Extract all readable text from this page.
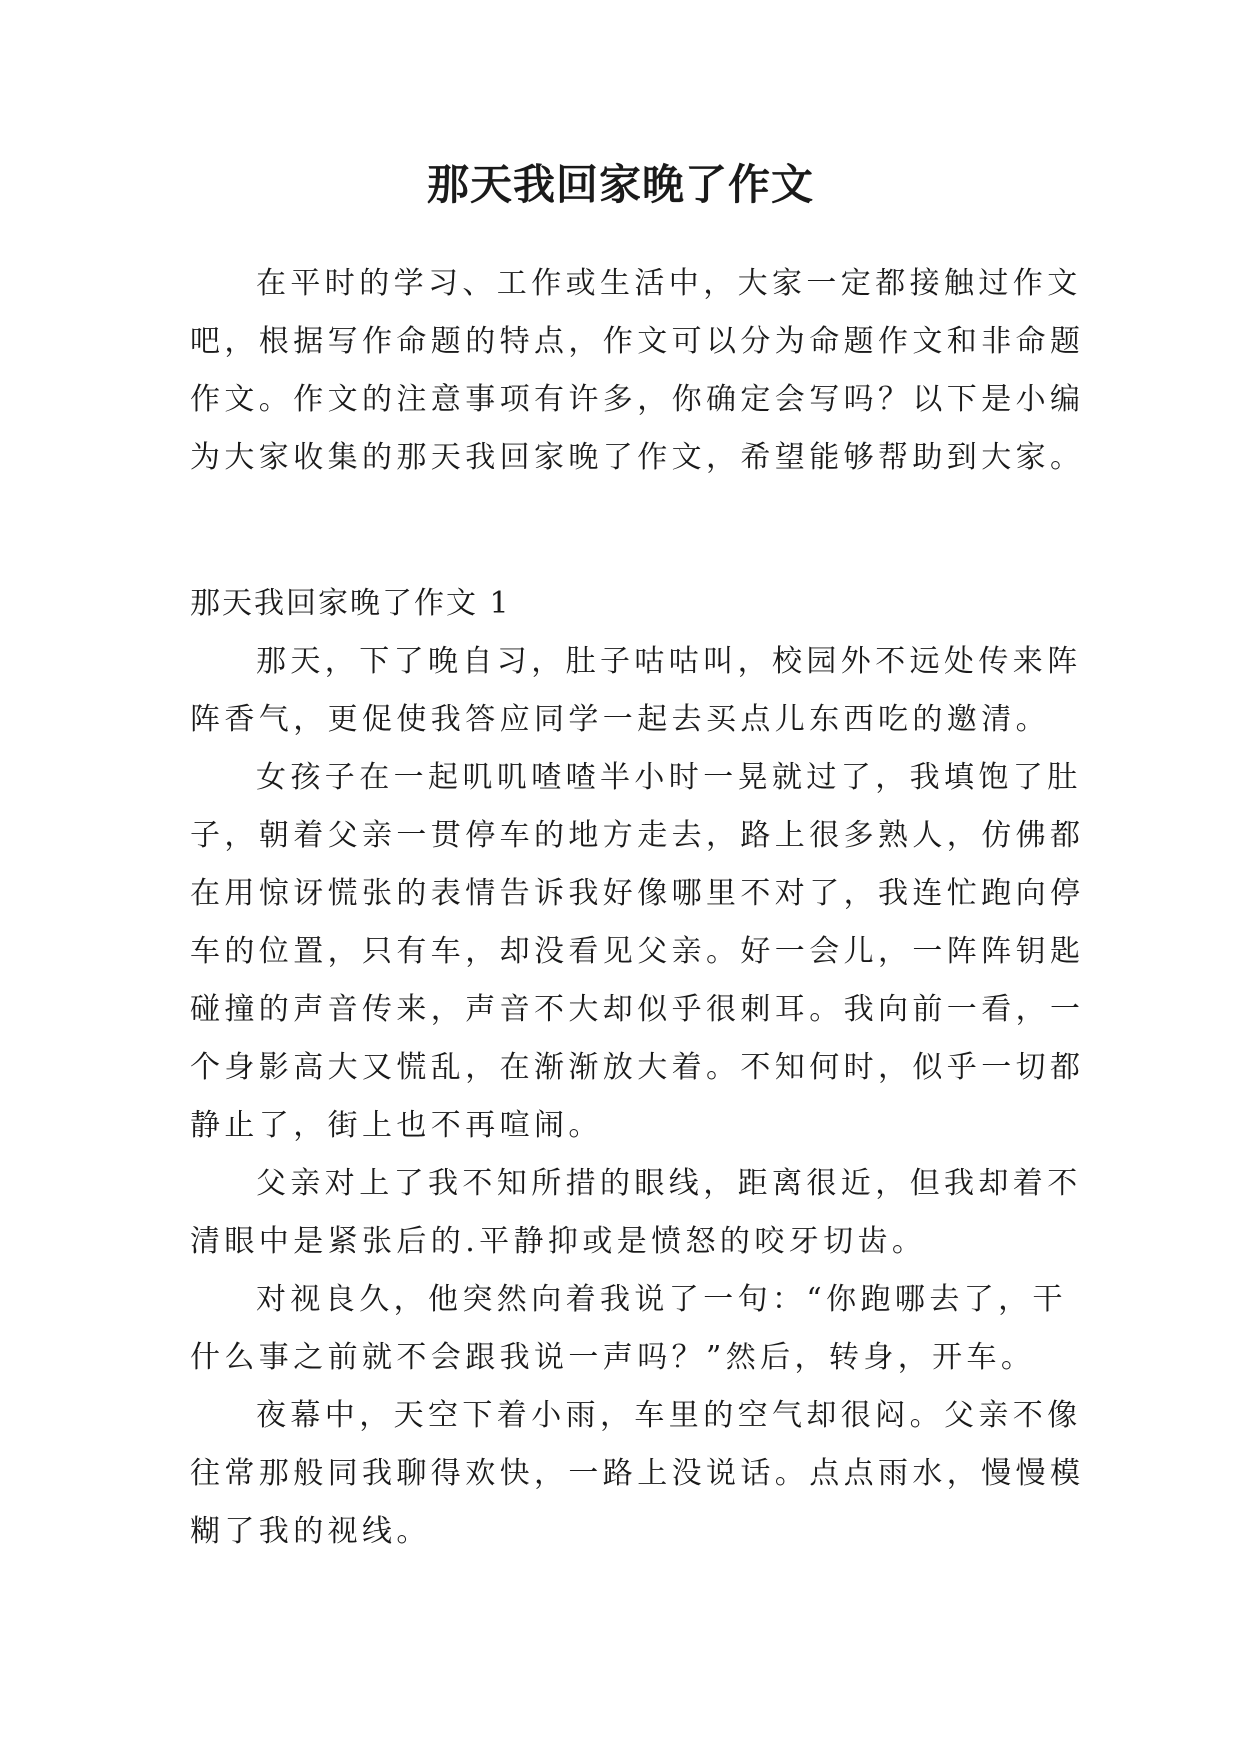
那天我回家晚了作文
在平时的学习、工作或生活中，大家一定都接触过作文
吧，根据写作命题的特点，作文可以分为命题作文和非命题
作文。作文的注意事项有许多，你确定会写吗？以下是小编
为大家收集的那天我回家晚了作文，希望能够帮助到大家。
那天我回家晚了作文 1
那天，下了晚自习，肚子咕咕叫，校园外不远处传来阵
阵香气，更促使我答应同学一起去买点儿东西吃的邀清。
女孩子在一起叽叽喳喳半小时一晃就过了，我填饱了肚
子，朝着父亲一贯停车的地方走去，路上很多熟人，仿佛都
在用惊讶慌张的表情告诉我好像哪里不对了，我连忙跑向停
车的位置，只有车，却没看见父亲。好一会儿，一阵阵钥匙
碰撞的声音传来，声音不大却似乎很刺耳。我向前一看，一
个身影高大又慌乱，在渐渐放大着。不知何时，似乎一切都
静止了，街上也不再喧闹。
父亲对上了我不知所措的眼线，距离很近，但我却着不
清眼中是紧张后的.平静抑或是愤怒的咬牙切齿。
对视良久，他突然向着我说了一句：“你跑哪去了，干
什么事之前就不会跟我说一声吗？”然后，转身，开车。
夜幕中，天空下着小雨，车里的空气却很闷。父亲不像
往常那般同我聊得欢快，一路上没说话。点点雨水，慢慢模
糊了我的视线。
